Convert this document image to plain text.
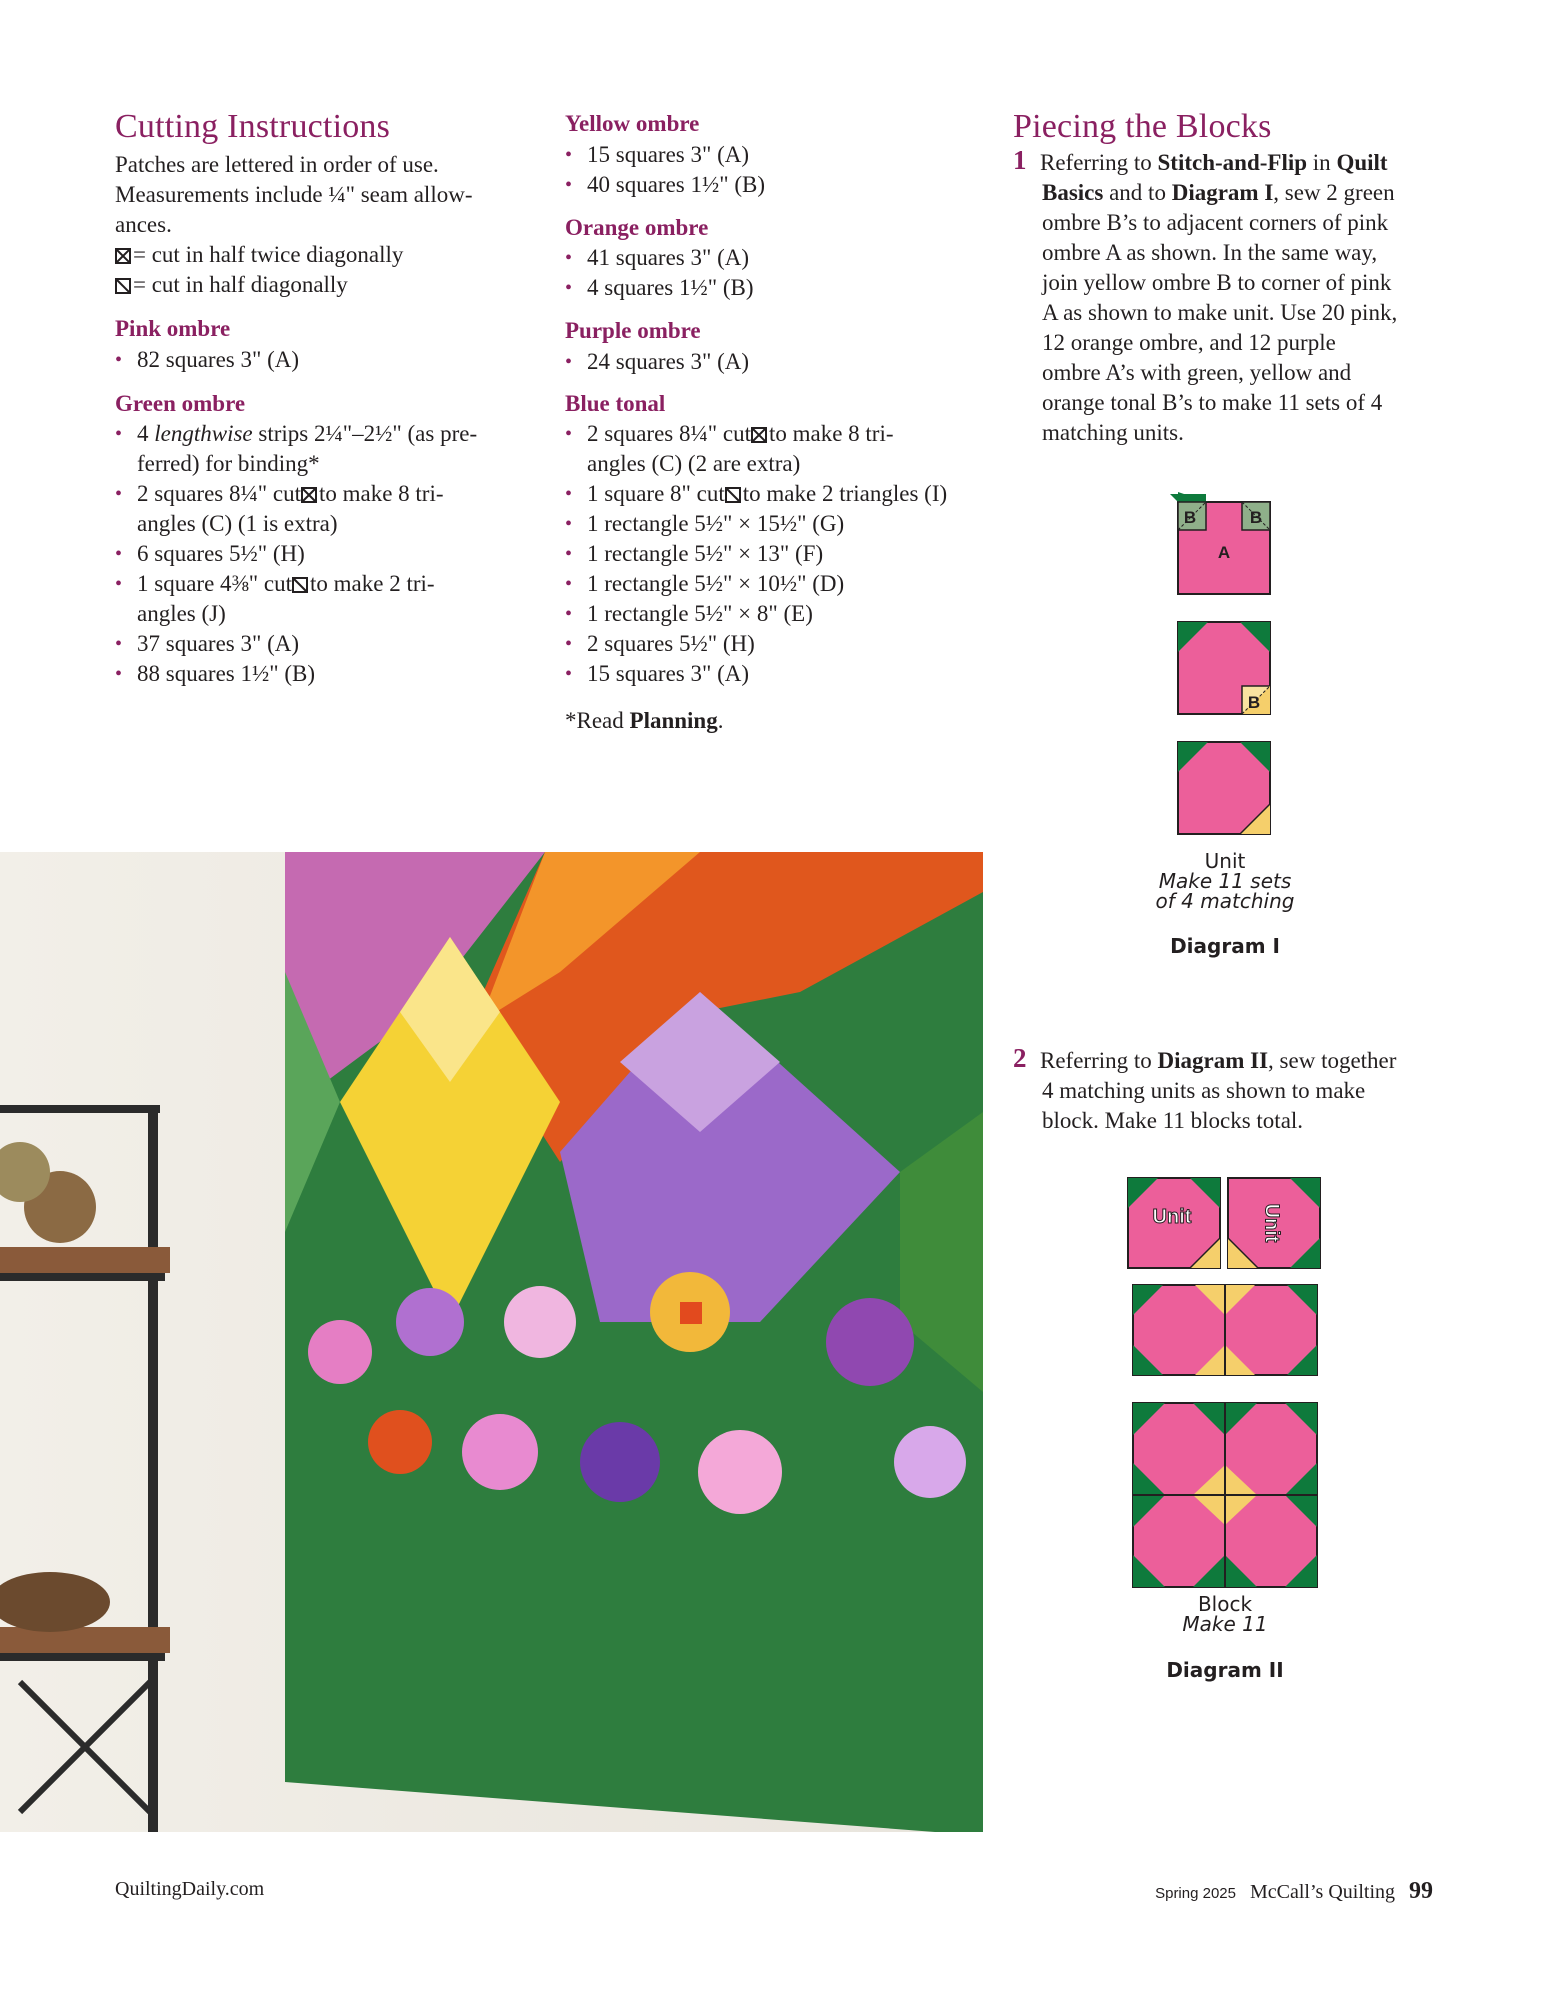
Cutting Instructions
Patches are lettered in order of use.
Measurements include ¼" seam allow-
ances.
= cut in half twice diagonally
= cut in half diagonally
Pink ombre
• 82 squares 3" (A)
Green ombre
• 4 lengthwise strips 2¼"–2½" (as pre-
ferred) for binding*
• 2 squares 8¼" cut to make 8 tri-
angles (C) (1 is extra)
• 6 squares 5½" (H)
• 1 square 4⅜" cut to make 2 tri-
angles (J)
• 37 squares 3" (A)
• 88 squares 1½" (B)
Yellow ombre
• 15 squares 3" (A)
• 40 squares 1½" (B)
Orange ombre
• 41 squares 3" (A)
• 4 squares 1½" (B)
Purple ombre
• 24 squares 3" (A)
Blue tonal
• 2 squares 8¼" cut to make 8 tri-
angles (C) (2 are extra)
• 1 square 8" cut to make 2 triangles (I)
• 1 rectangle 5½" × 15½" (G)
• 1 rectangle 5½" × 13" (F)
• 1 rectangle 5½" × 10½" (D)
• 1 rectangle 5½" × 8" (E)
• 2 squares 5½" (H)
• 15 squares 3" (A)
*Read Planning.
Piecing the Blocks
1 Referring to Stitch-and-Flip in Quilt
Basics and to Diagram I, sew 2 green
ombre B’s to adjacent corners of pink
ombre A as shown. In the same way,
join yellow ombre B to corner of pink
A as shown to make unit. Use 20 pink,
12 orange ombre, and 12 purple
ombre A’s with green, yellow and
orange tonal B’s to make 11 sets of 4
matching units.
B	B
A
B
Unit
Make 11 sets
of 4 matching
Diagram I
2 Referring to Diagram II, sew together
4 matching units as shown to make
block. Make 11 blocks total.
Unit	Unit
Block
Make 11
Diagram II
QuiltingDaily.com	Spring 2025 McCall’s Quilting 99
